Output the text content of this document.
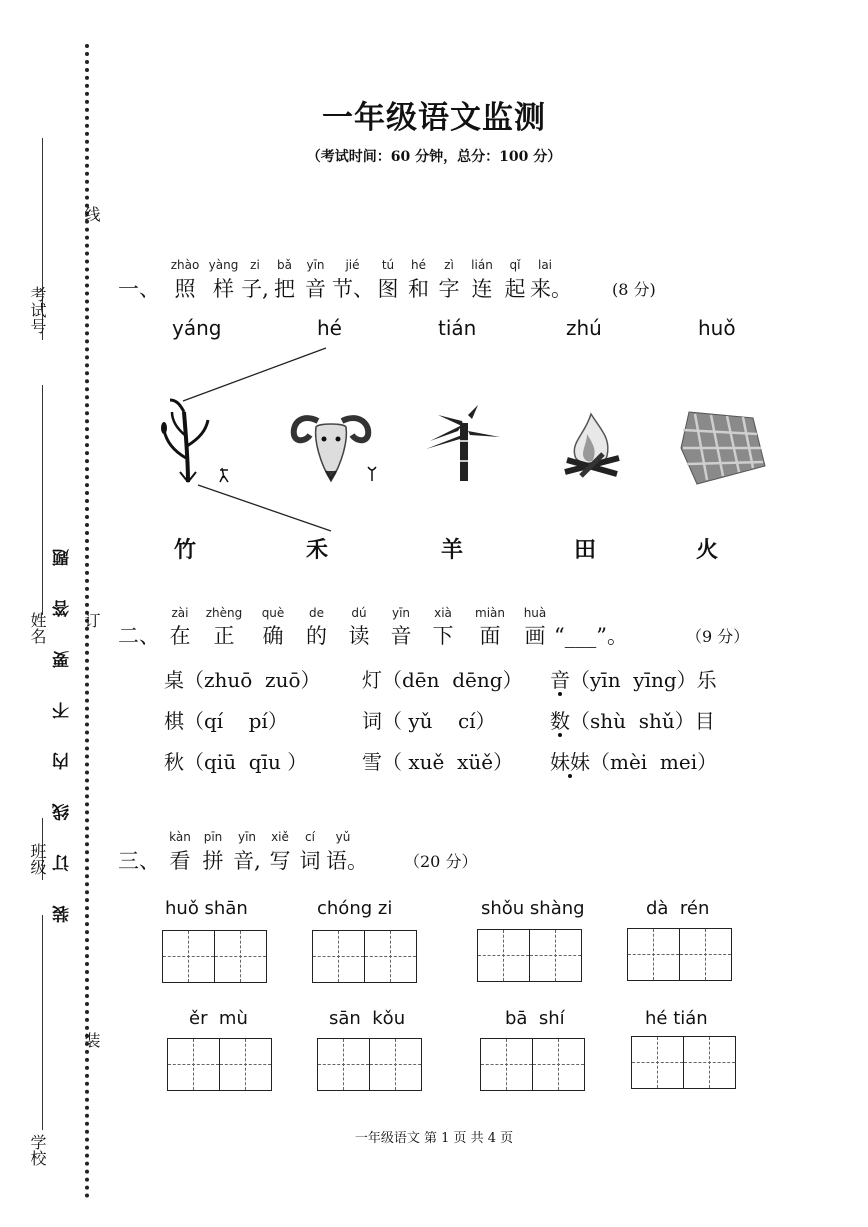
一年级语文监测
（考试时间：60 分钟，总分：100 分）
考试号
线
姓名 订
装 订 线 内 不 要 答 题
班级
学校
装
zhào yàng zi	bǎ	yīn	jié	tú	hé	zì	lián	qǐ	lai
一、 照 样 子, 把 音 节、 图 和 字 连 起 来。	(8 分)
yáng	hé	tián	zhú	huǒ
竹	禾	羊	田	火
zài	zhèng	què	de	dú	yīn	xià	miàn	huà
二、 在	正	确	的	读	音	下	面	画 “___”。	（9 分）
桌（zhuō  zuō） 灯（dēn  dēng） 音（yīn  yīng）乐
棋（qí    pí）	词（ yǔ    cí）	数（shù  shǔ）目
秋（qiū  qīu ）	雪（ xuě  xüě） 妹妹（mèi  mei）
kàn	pīn	yīn	xiě	cí	yǔ
三、 看 拼 音, 写 词 语。 （20 分）
huǒ shān	chóng zi	shǒu shàng	dà  rén
ěr  mù	sān  kǒu	bā  shí	hé tián
一年级语文 第 1 页 共 4 页
